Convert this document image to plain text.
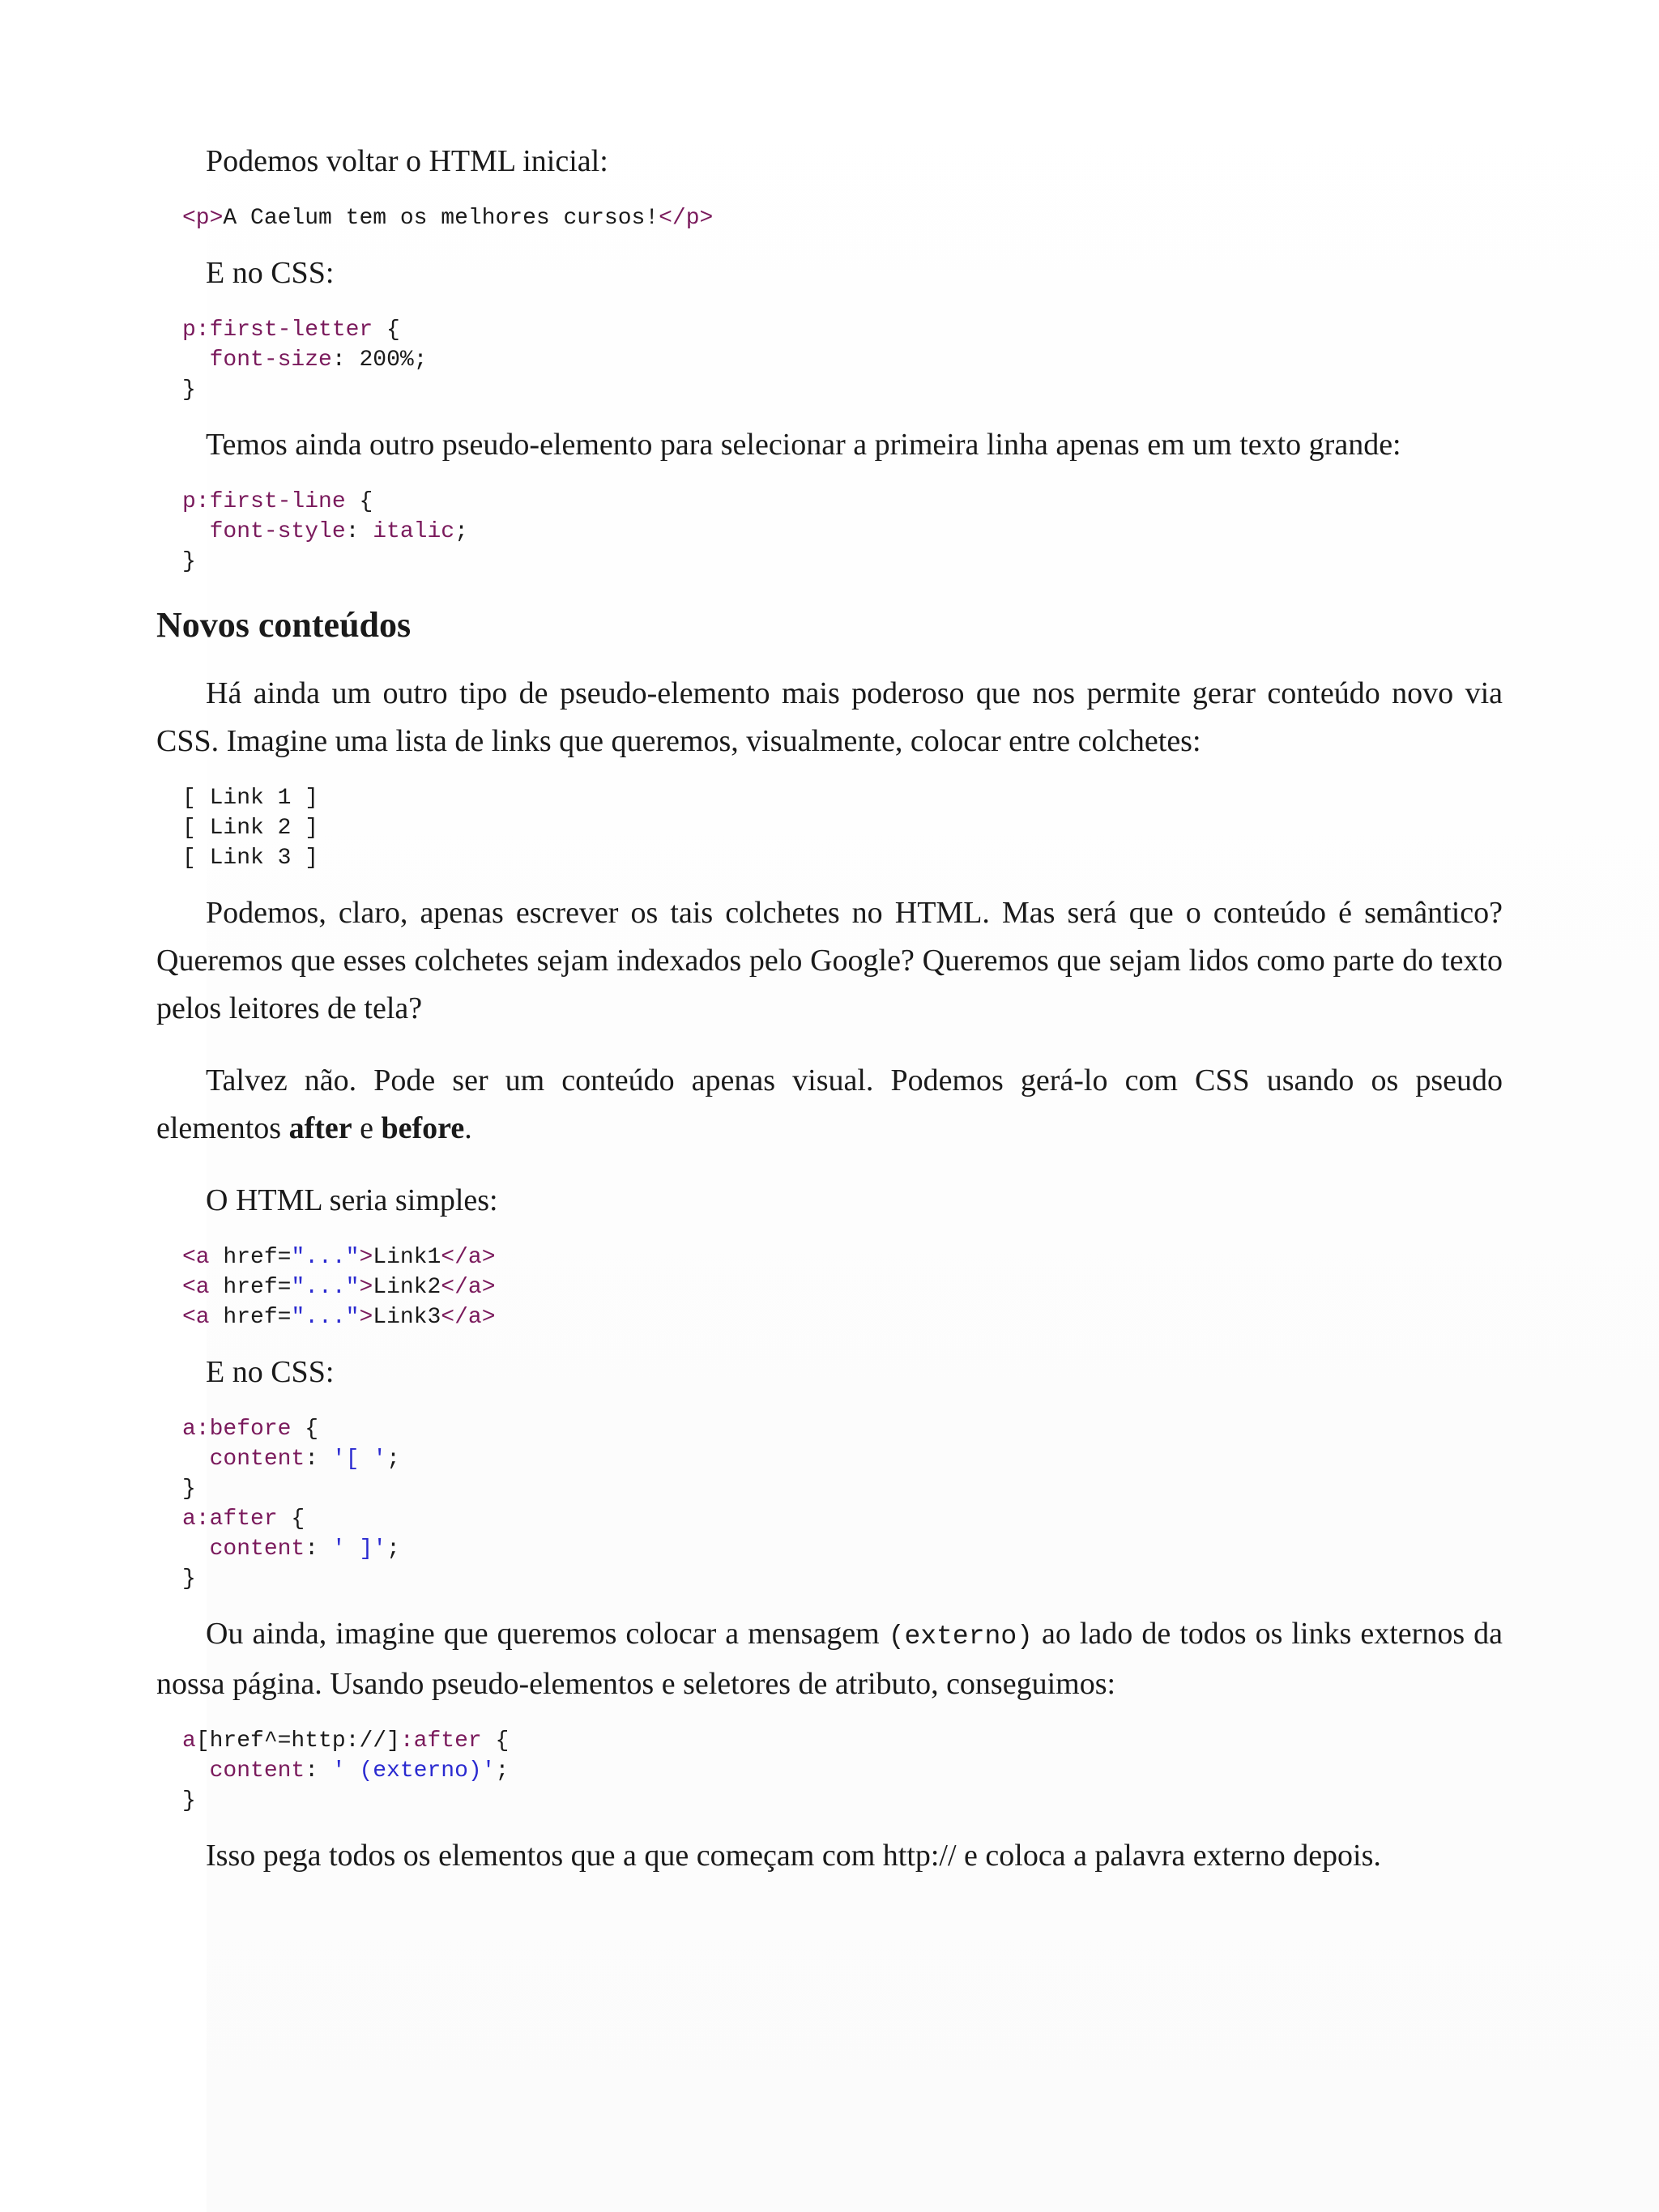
Podemos voltar o HTML inicial:

<p>A Caelum tem os melhores cursos!</p>

E no CSS:

p:first-letter {
font-size: 200%;
}

Temos ainda outro pseudo-elemento para selecionar a primeira linha apenas em um texto grande:

p:first-line {
font-style: italic;
}
Novos conteúdos

Há ainda um outro tipo de pseudo-elemento mais poderoso que nos permite gerar conteúdo novo via CSS. Imagine uma lista de links que queremos, visualmente, colocar entre colchetes:

[ Link 1 ]
[ Link 2 ]
[ Link 3 ]

Podemos, claro, apenas escrever os tais colchetes no HTML. Mas será que o conteúdo é semântico? Queremos que esses colchetes sejam indexados pelo Google? Queremos que sejam lidos como parte do texto pelos leitores de tela?

Talvez não. Pode ser um conteúdo apenas visual. Podemos gerá-lo com CSS usando os pseudo elementos after e before.

O HTML seria simples:

<a href="...">Link1</a>
<a href="...">Link2</a>
<a href="...">Link3</a>

E no CSS:

a:before {
content: '[ ';
}
a:after {
content: ' ]';
}

Ou ainda, imagine que queremos colocar a mensagem (externo) ao lado de todos os links externos da nossa página. Usando pseudo-elementos e seletores de atributo, conseguimos:

a[href^=http://]:after {
content: ' (externo)';
}

Isso pega todos os elementos que a que começam com http:// e coloca a palavra externo depois.
